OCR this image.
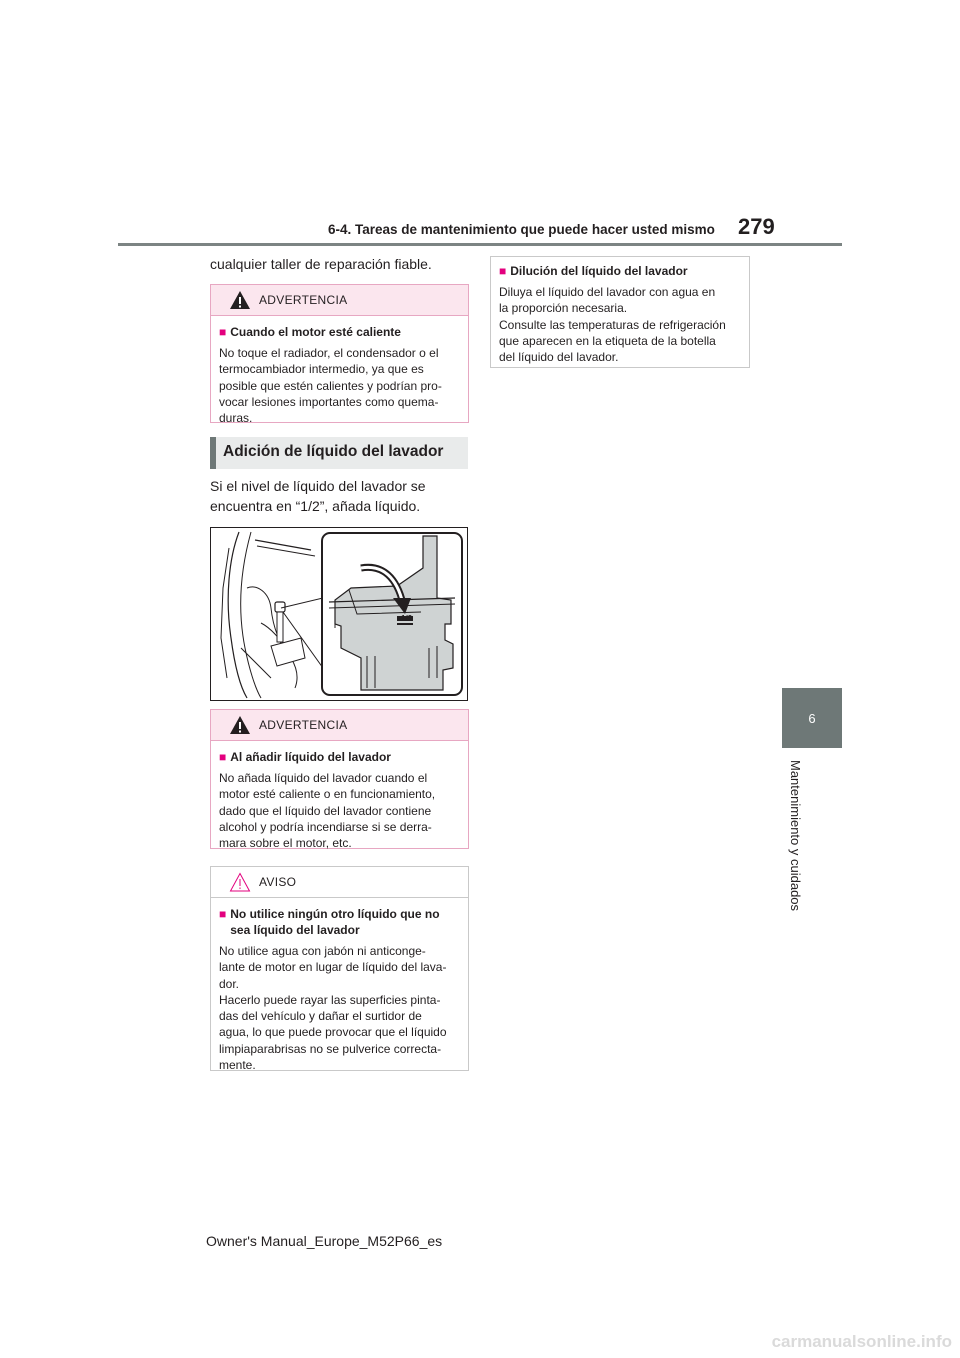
6-4. Tareas de mantenimiento que puede hacer usted mismo 279
6
Mantenimiento y cuidados
cualquier taller de reparación fiable.
ADVERTENCIA
■ Cuando el motor esté caliente
No toque el radiador, el condensador o el
termocambiador intermedio, ya que es
posible que estén calientes y podrían pro-
vocar lesiones importantes como quema-
duras.
Adición de líquido del lavador
Si el nivel de líquido del lavador se
encuentra en “1/2”, añada líquido.
1/2
ADVERTENCIA
■ Al añadir líquido del lavador
No añada líquido del lavador cuando el
motor esté caliente o en funcionamiento,
dado que el líquido del lavador contiene
alcohol y podría incendiarse si se derra-
mara sobre el motor, etc.
AVISO
■ No utilice ningún otro líquido que no
sea líquido del lavador
No utilice agua con jabón ni anticonge-
lante de motor en lugar de líquido del lava-
dor.
Hacerlo puede rayar las superficies pinta-
das del vehículo y dañar el surtidor de
agua, lo que puede provocar que el líquido
limpiaparabrisas no se pulverice correcta-
mente.
■ Dilución del líquido del lavador
Diluya el líquido del lavador con agua en
la proporción necesaria.
Consulte las temperaturas de refrigeración
que aparecen en la etiqueta de la botella
del líquido del lavador.
Owner's Manual_Europe_M52P66_es
carmanualsonline.info
